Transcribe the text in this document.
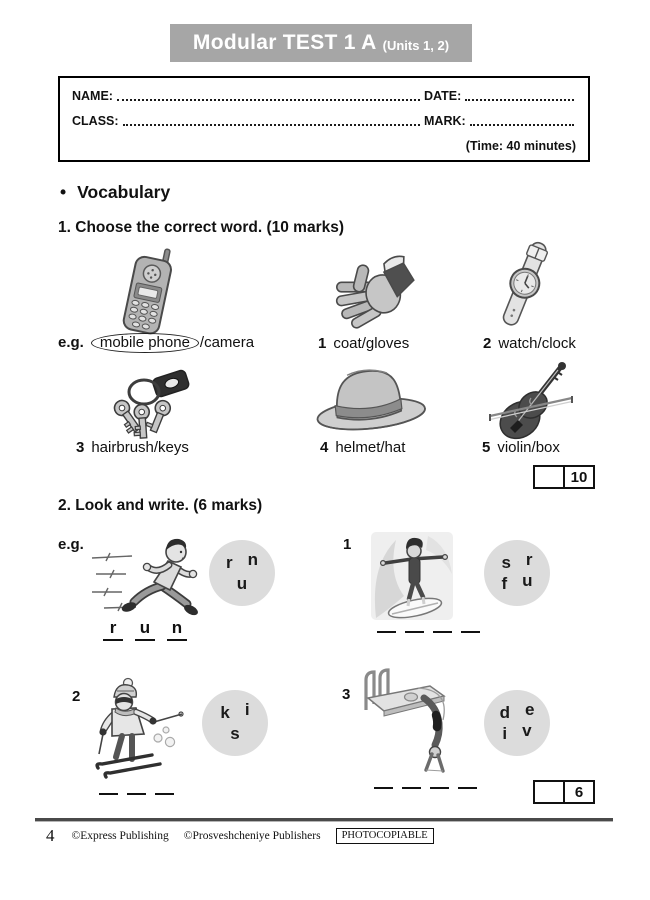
Modular TEST 1 A (Units 1, 2)
NAME:	DATE:
CLASS:	MARK:
(Time: 40 minutes)
• Vocabulary
1. Choose the correct word. (10 marks)
e.g. mobile phone /camera	1 coat/gloves	2 watch/clock
3 hairbrush/keys	4 helmet/hat	5 violin/box
10
2. Look and write. (6 marks)
e.g.
r n
u
r	u n
1
s r
f u
2
k i
s
3
d e
i v
6
4 ©Express Publishing ©Prosveshcheniye Publishers	PHOTOCOPIABLE
